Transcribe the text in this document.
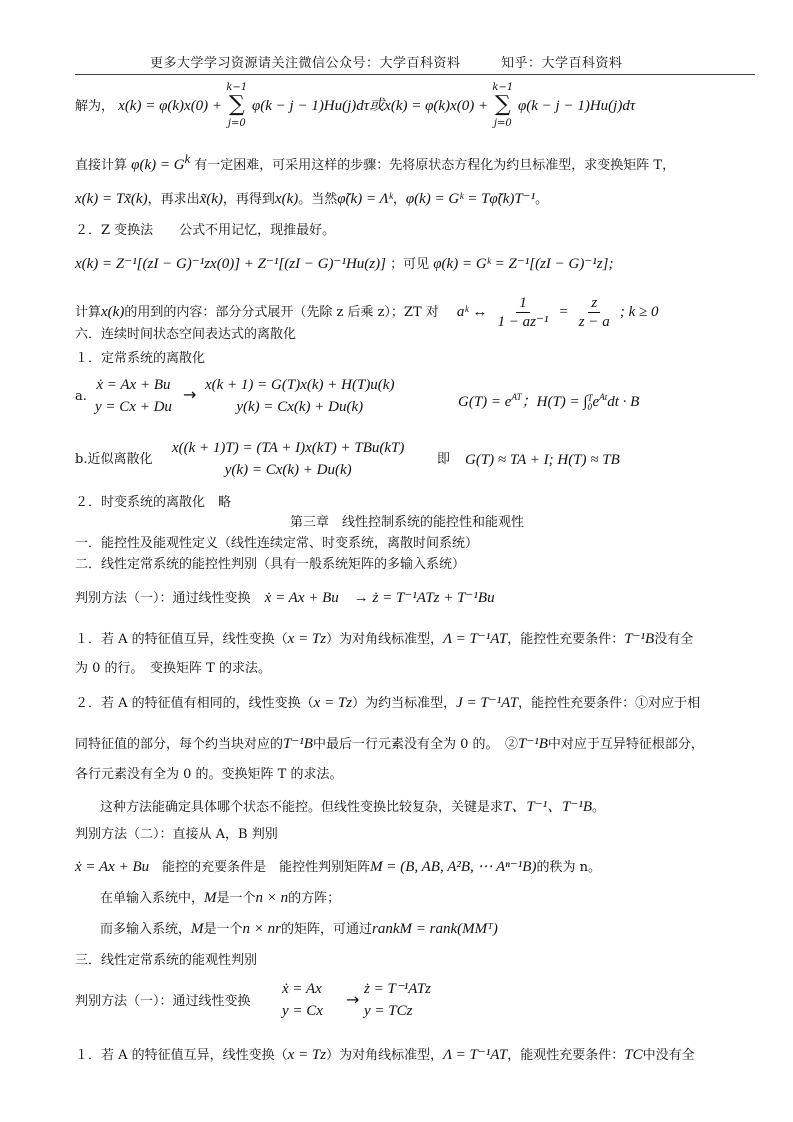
更多大学学习资源请关注微信公众号：大学百科资料　　　知乎：大学百科资料
解为， x(k) = φ(k)x(0) +
k−1
∑
j=0
φ(k − j − 1)Hu(j)dτ或x(k) = φ(k)x(0) +
k−1
∑
j=0
φ(k − j − 1)Hu(j)dτ
直接计算 $\varphi(k) = G^k$ 有一定困难，可采用这样的步骤：先将原状态方程化为约旦标准型，求变换矩阵 T，
x(k) = Tx̃(k)，再求出x̃(k)，再得到x(k)。当然φ̃(k) = Λᵏ，φ(k) = Gᵏ = Tφ̃(k)T⁻¹。
２．Z 变换法　　公式不用记忆，现推最好。
x(k) = Z⁻¹[(zI − G)⁻¹zx(0)] + Z⁻¹[(zI − G)⁻¹Hu(z)] ；可见 φ(k) = Gᵏ = Z⁻¹[(zI − G)⁻¹z];
计算x(k)的用到的内容：部分分式展开（先除 z 后乘 z）；ZT 对 aᵏ ↔ $\frac{1}{\text{1 − az⁻¹}} = \frac{z}{z - a}$ ; k ≥ 0
六．连续时间状态空间表达式的离散化
１．定常系统的离散化
a.
ẋ = Ax + Bu
y = Cx + Du
→ x(k + 1) = G(T)x(k) + H(T)u(k)
y(k) = Cx(k) + Du(k)	$G(T) = e^{AT}$；H(T) = ∫ T
0 $e^{At}dt \cdot B$
b.近似离散化
x((k + 1)T) = (TA + I)x(kT) + TBu(kT)
y(k) = Cx(k) + Du(k)
即 G(T) ≈ TA + I; H(T) ≈ TB
２．时变系统的离散化　略
第三章　线性控制系统的能控性和能观性
一．能控性及能观性定义（线性连续定常、时变系统，离散时间系统）
二．线性定常系统的能控性判别（具有一般系统矩阵的多输入系统）
判别方法（一）：通过线性变换 ẋ = Ax + Bu　→ ż = T⁻¹ATz + T⁻¹Bu
１．若 A 的特征值互异，线性变换（x = Tz）为对角线标准型，Λ = T⁻¹AT，能控性充要条件：T⁻¹B没有全
为 0 的行。　变换矩阵 T 的求法。
２．若 A 的特征值有相同的，线性变换（x = Tz）为约当标准型，J = T⁻¹AT，能控性充要条件：①对应于相
同特征值的部分，每个约当块对应的T⁻¹B中最后一行元素没有全为 0 的。　②T⁻¹B中对应于互异特征根部分，
各行元素没有全为 0 的。变换矩阵 T 的求法。
这种方法能确定具体哪个状态不能控。但线性变换比较复杂，关键是求T、T⁻¹、T⁻¹B。
判别方法（二）：直接从 A，B 判别
ẋ = Ax + Bu　能控的充要条件是　能控性判别矩阵M = (B, AB, A²B, ⋯ Aⁿ⁻¹B)的秩为 n。
在单输入系统中，M是一个n × n的方阵；
而多输入系统，M是一个n × nr的矩阵，可通过rankM = rank(MMᵀ)
三．线性定常系统的能观性判别
判别方法（一）：通过线性变换
ẋ = Ax
y = Cx
→
ż = T⁻¹ATz
y = TCz
１．若 A 的特征值互异，线性变换（x = Tz）为对角线标准型，Λ = T⁻¹AT，能观性充要条件：TC中没有全
